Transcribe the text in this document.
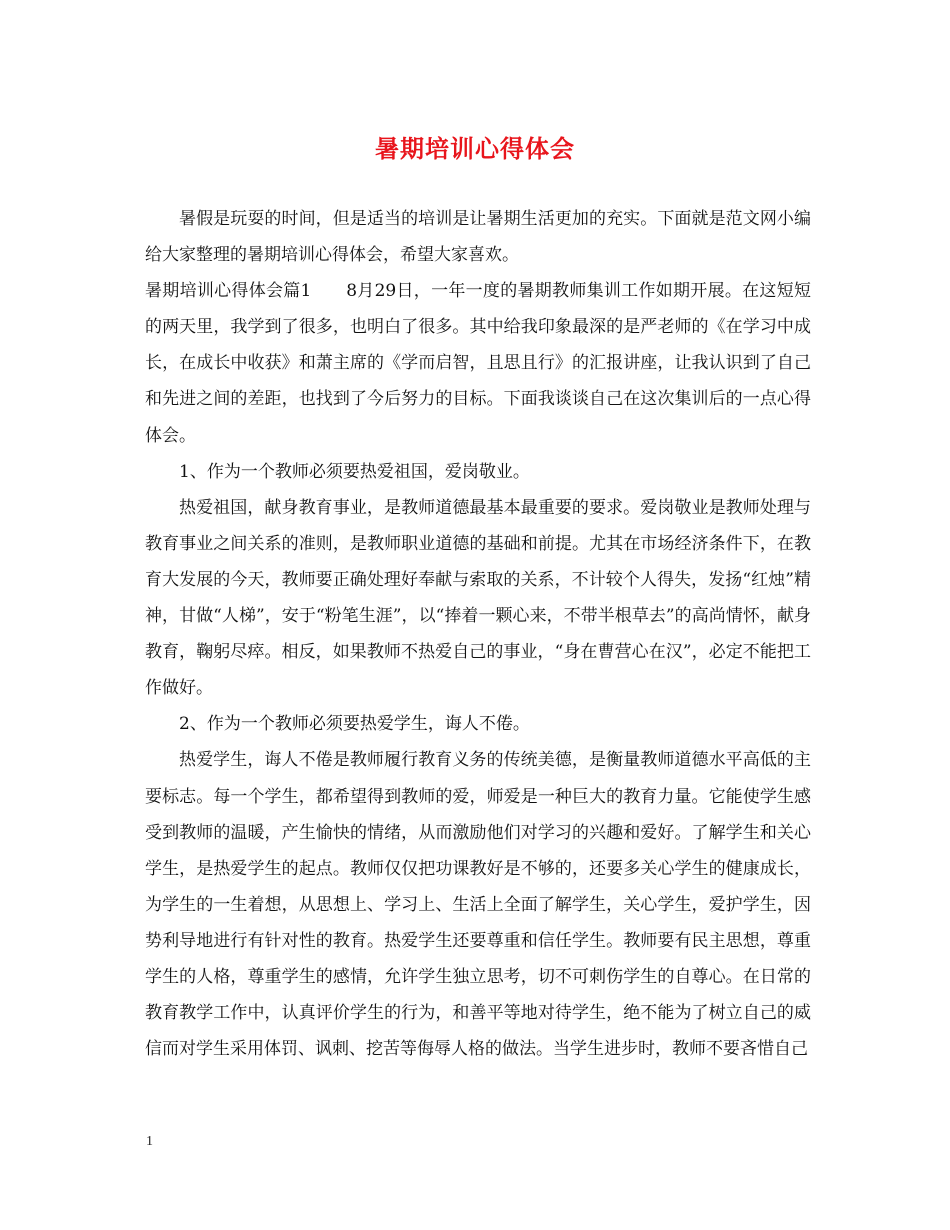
暑期培训心得体会

暑假是玩耍的时间，但是适当的培训是让暑期生活更加的充实。下面就是范文网小编给大家整理的暑期培训心得体会，希望大家喜欢。

暑期培训心得体会篇1　　8月29日，一年一度的暑期教师集训工作如期开展。在这短短的两天里，我学到了很多，也明白了很多。其中给我印象最深的是严老师的《在学习中成长，在成长中收获》和萧主席的《学而启智，且思且行》的汇报讲座，让我认识到了自己和先进之间的差距，也找到了今后努力的目标。下面我谈谈自己在这次集训后的一点心得体会。

1、作为一个教师必须要热爱祖国，爱岗敬业。

热爱祖国，献身教育事业，是教师道德最基本最重要的要求。爱岗敬业是教师处理与教育事业之间关系的准则，是教师职业道德的基础和前提。尤其在市场经济条件下，在教育大发展的今天，教师要正确处理好奉献与索取的关系，不计较个人得失，发扬“红烛”精神，甘做“人梯”，安于“粉笔生涯”，以“捧着一颗心来，不带半根草去”的高尚情怀，献身教育，鞠躬尽瘁。相反，如果教师不热爱自己的事业，“身在曹营心在汉”，必定不能把工作做好。

2、作为一个教师必须要热爱学生，诲人不倦。

热爱学生，诲人不倦是教师履行教育义务的传统美德，是衡量教师道德水平高低的主要标志。每一个学生，都希望得到教师的爱，师爱是一种巨大的教育力量。它能使学生感受到教师的温暖，产生愉快的情绪，从而激励他们对学习的兴趣和爱好。了解学生和关心学生，是热爱学生的起点。教师仅仅把功课教好是不够的，还要多关心学生的健康成长，为学生的一生着想，从思想上、学习上、生活上全面了解学生，关心学生，爱护学生，因势利导地进行有针对性的教育。热爱学生还要尊重和信任学生。教师要有民主思想，尊重学生的人格，尊重学生的感情，允许学生独立思考，切不可刺伤学生的自尊心。在日常的教育教学工作中，认真评价学生的行为，和善平等地对待学生，绝不能为了树立自己的威信而对学生采用体罚、讽刺、挖苦等侮辱人格的做法。当学生进步时，教师不要吝惜自己

1
